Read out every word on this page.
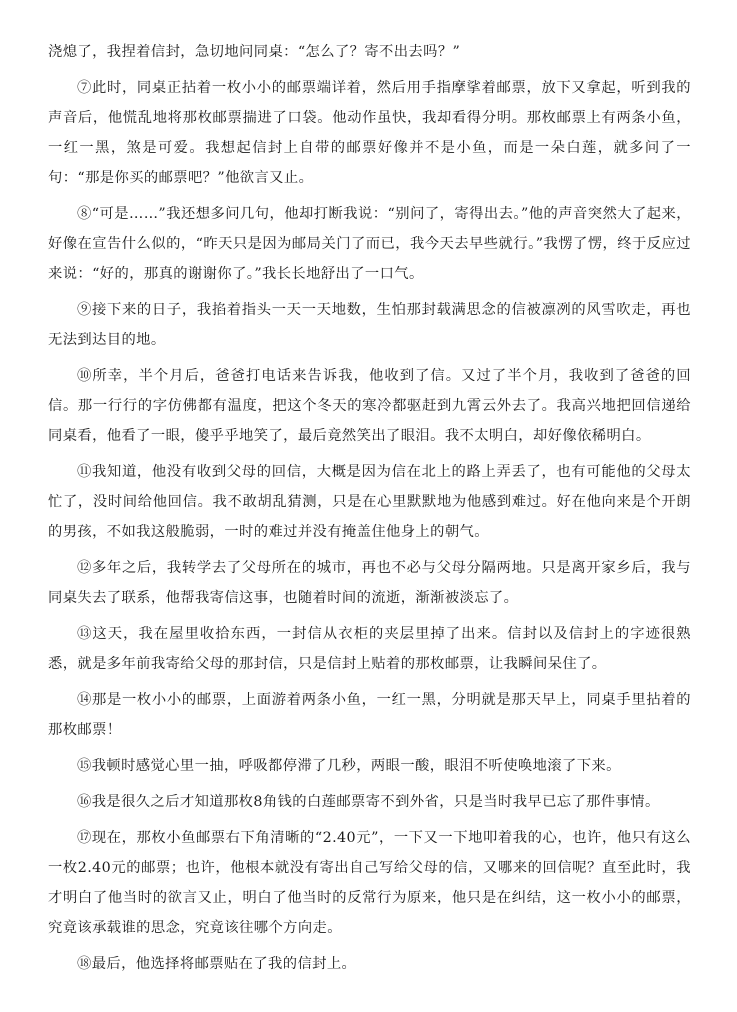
浇熄了，我捏着信封，急切地问同桌：“怎么了？寄不出去吗？”

⑦此时，同桌正拈着一枚小小的邮票端详着，然后用手指摩挲着邮票，放下又拿起，听到我的声音后，他慌乱地将那枚邮票揣进了口袋。他动作虽快，我却看得分明。那枚邮票上有两条小鱼，一红一黑，煞是可爱。我想起信封上自带的邮票好像并不是小鱼，而是一朵白莲，就多问了一句：“那是你买的邮票吧？”他欲言又止。

⑧“可是……”我还想多问几句，他却打断我说：“别问了，寄得出去。”他的声音突然大了起来，好像在宣告什么似的，“昨天只是因为邮局关门了而已，我今天去早些就行。”我愣了愣，终于反应过来说：“好的，那真的谢谢你了。”我长长地舒出了一口气。

⑨接下来的日子，我掐着指头一天一天地数，生怕那封载满思念的信被凛冽的风雪吹走，再也无法到达目的地。

⑩所幸，半个月后，爸爸打电话来告诉我，他收到了信。又过了半个月，我收到了爸爸的回信。那一行行的字仿佛都有温度，把这个冬天的寒冷都驱赶到九霄云外去了。我高兴地把回信递给同桌看，他看了一眼，傻乎乎地笑了，最后竟然笑出了眼泪。我不太明白，却好像依稀明白。

⑪我知道，他没有收到父母的回信，大概是因为信在北上的路上弄丢了，也有可能他的父母太忙了，没时间给他回信。我不敢胡乱猜测，只是在心里默默地为他感到难过。好在他向来是个开朗的男孩，不如我这般脆弱，一时的难过并没有掩盖住他身上的朝气。

⑫多年之后，我转学去了父母所在的城市，再也不必与父母分隔两地。只是离开家乡后，我与同桌失去了联系，他帮我寄信这事，也随着时间的流逝，渐渐被淡忘了。

⑬这天，我在屋里收拾东西，一封信从衣柜的夹层里掉了出来。信封以及信封上的字迹很熟悉，就是多年前我寄给父母的那封信，只是信封上贴着的那枚邮票，让我瞬间呆住了。

⑭那是一枚小小的邮票，上面游着两条小鱼，一红一黑，分明就是那天早上，同桌手里拈着的那枚邮票！

⑮我顿时感觉心里一抽，呼吸都停滞了几秒，两眼一酸，眼泪不听使唤地滚了下来。

⑯我是很久之后才知道那枚8角钱的白莲邮票寄不到外省，只是当时我早已忘了那件事情。

⑰现在，那枚小鱼邮票右下角清晰的“2.40元”，一下又一下地叩着我的心，也许，他只有这么一枚2.40元的邮票；也许，他根本就没有寄出自己写给父母的信，又哪来的回信呢？直至此时，我才明白了他当时的欲言又止，明白了他当时的反常行为原来，他只是在纠结，这一枚小小的邮票，究竟该承载谁的思念，究竟该往哪个方向走。

⑱最后，他选择将邮票贴在了我的信封上。
